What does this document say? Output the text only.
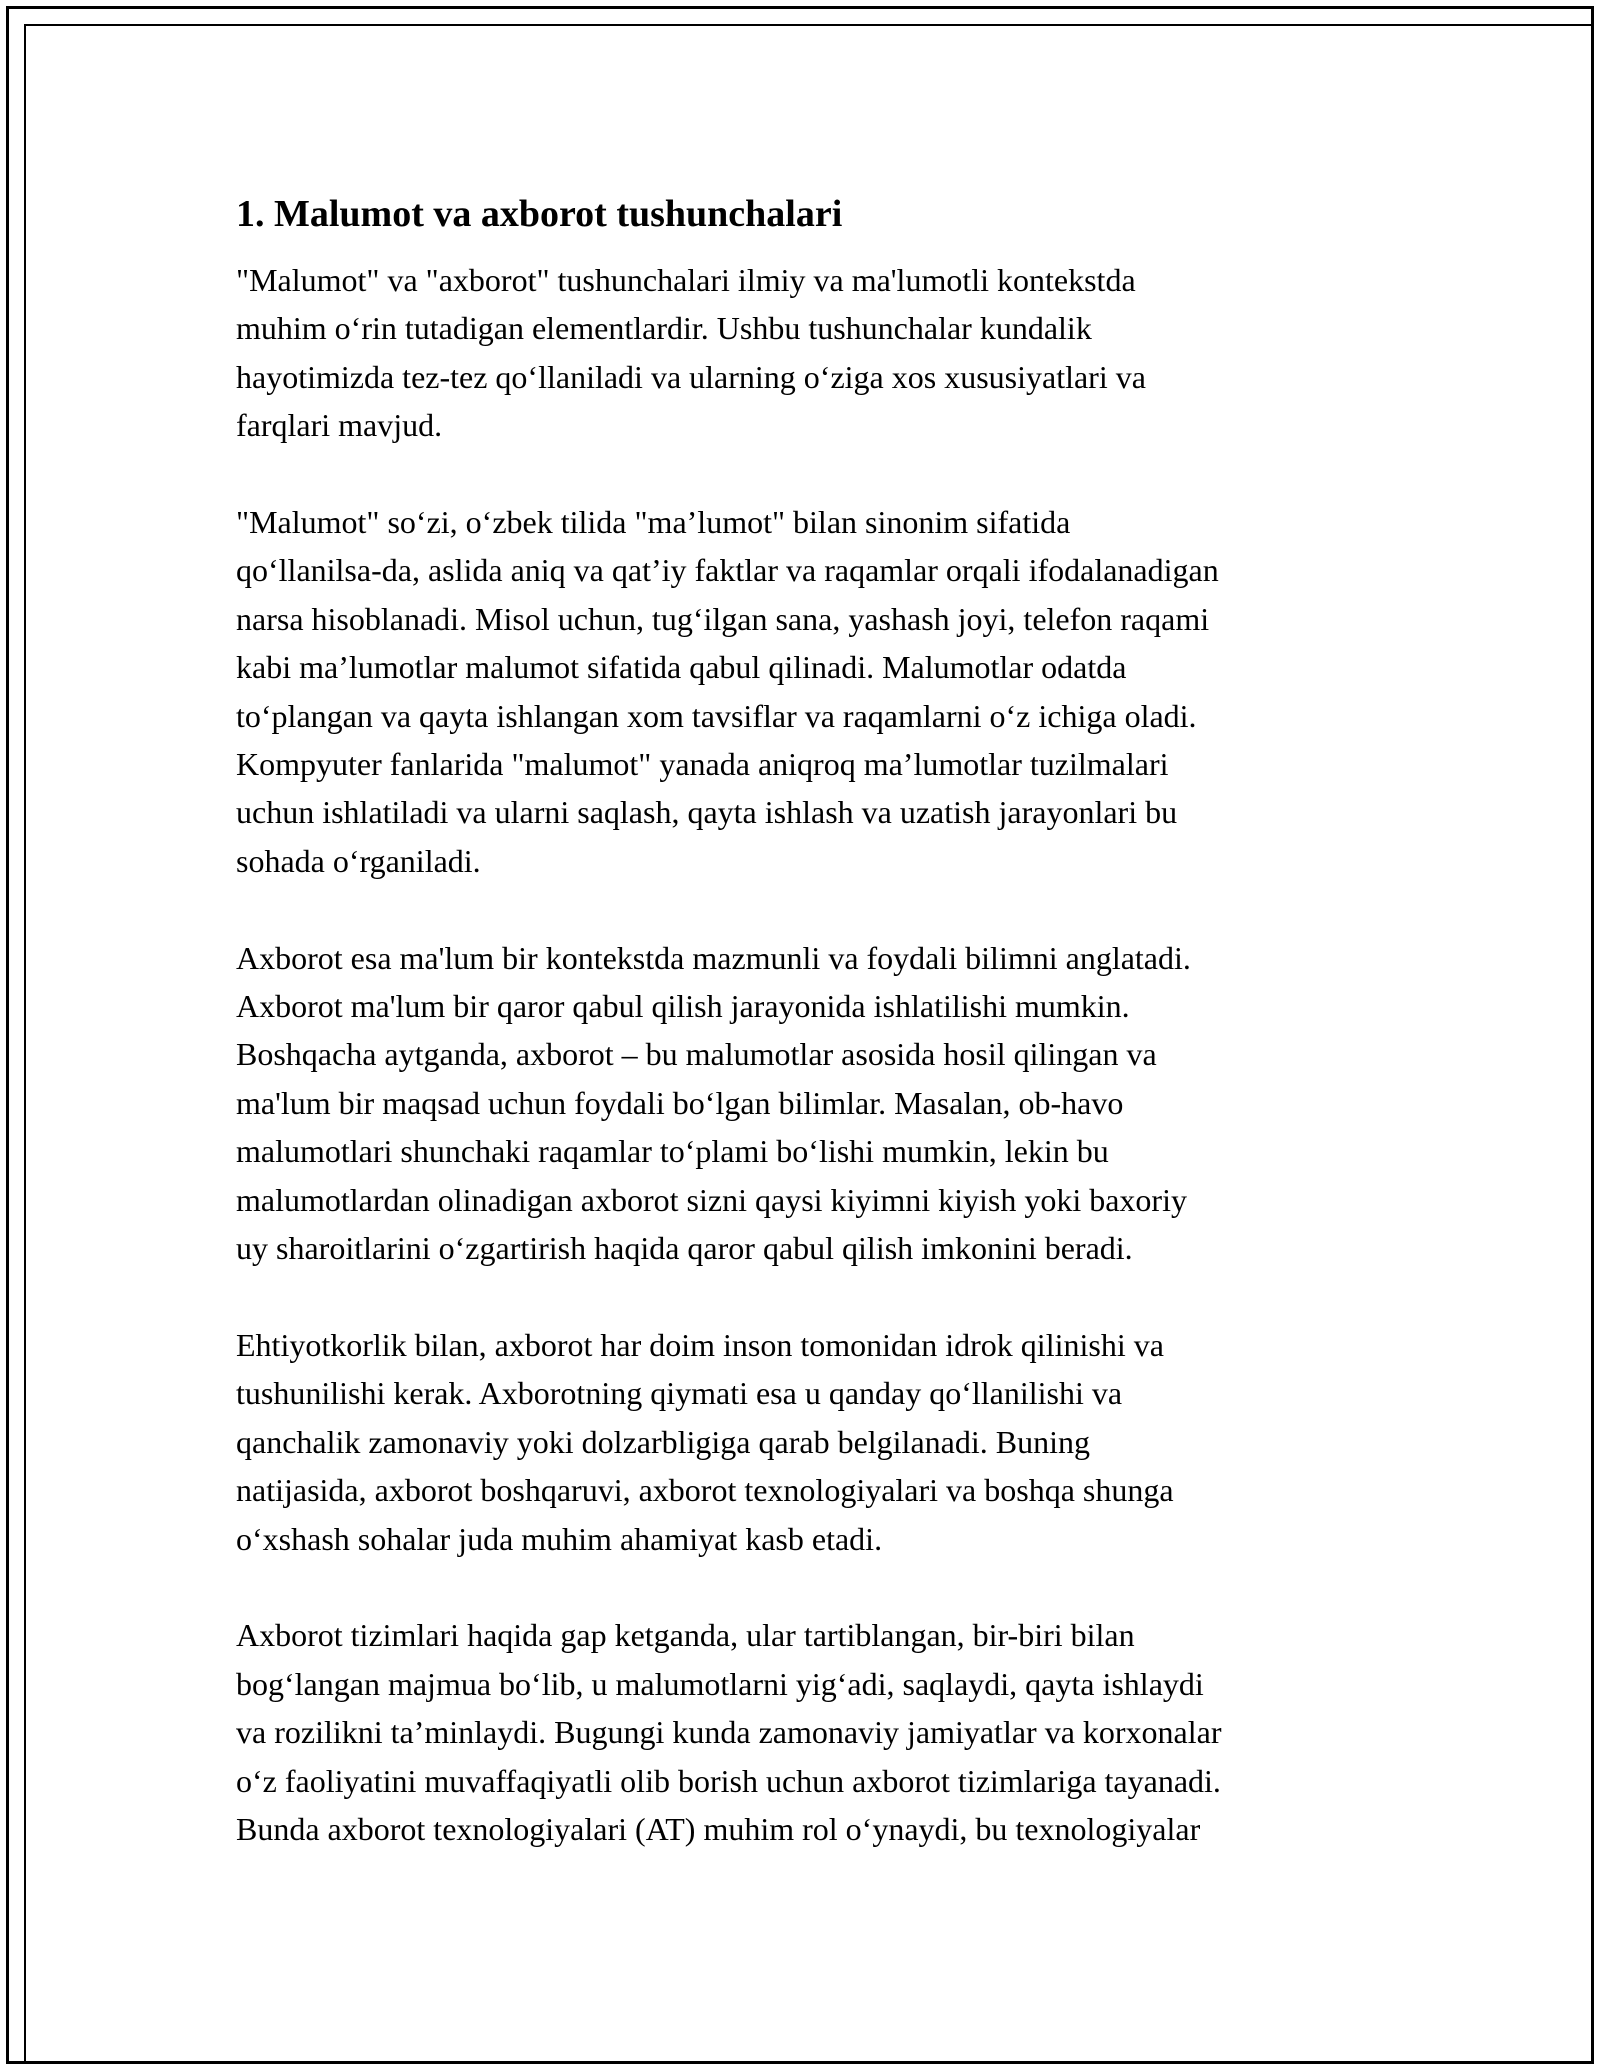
1. Malumot va axborot tushunchalari

"Malumot" va "axborot" tushunchalari ilmiy va ma'lumotli kontekstda
muhim o‘rin tutadigan elementlardir. Ushbu tushunchalar kundalik
hayotimizda tez-tez qo‘llaniladi va ularning o‘ziga xos xususiyatlari va
farqlari mavjud.

"Malumot" so‘zi, o‘zbek tilida "ma’lumot" bilan sinonim sifatida
qo‘llanilsa-da, aslida aniq va qat’iy faktlar va raqamlar orqali ifodalanadigan
narsa hisoblanadi. Misol uchun, tug‘ilgan sana, yashash joyi, telefon raqami
kabi ma’lumotlar malumot sifatida qabul qilinadi. Malumotlar odatda
to‘plangan va qayta ishlangan xom tavsiflar va raqamlarni o‘z ichiga oladi.
Kompyuter fanlarida "malumot" yanada aniqroq ma’lumotlar tuzilmalari
uchun ishlatiladi va ularni saqlash, qayta ishlash va uzatish jarayonlari bu
sohada o‘rganiladi.

Axborot esa ma'lum bir kontekstda mazmunli va foydali bilimni anglatadi.
Axborot ma'lum bir qaror qabul qilish jarayonida ishlatilishi mumkin.
Boshqacha aytganda, axborot – bu malumotlar asosida hosil qilingan va
ma'lum bir maqsad uchun foydali bo‘lgan bilimlar. Masalan, ob-havo
malumotlari shunchaki raqamlar to‘plami bo‘lishi mumkin, lekin bu
malumotlardan olinadigan axborot sizni qaysi kiyimni kiyish yoki baxoriy
uy sharoitlarini o‘zgartirish haqida qaror qabul qilish imkonini beradi.

Ehtiyotkorlik bilan, axborot har doim inson tomonidan idrok qilinishi va
tushunilishi kerak. Axborotning qiymati esa u qanday qo‘llanilishi va
qanchalik zamonaviy yoki dolzarbligiga qarab belgilanadi. Buning
natijasida, axborot boshqaruvi, axborot texnologiyalari va boshqa shunga
o‘xshash sohalar juda muhim ahamiyat kasb etadi.

Axborot tizimlari haqida gap ketganda, ular tartiblangan, bir-biri bilan
bog‘langan majmua bo‘lib, u malumotlarni yig‘adi, saqlaydi, qayta ishlaydi
va rozilikni ta’minlaydi. Bugungi kunda zamonaviy jamiyatlar va korxonalar
o‘z faoliyatini muvaffaqiyatli olib borish uchun axborot tizimlariga tayanadi.
Bunda axborot texnologiyalari (AT) muhim rol o‘ynaydi, bu texnologiyalar
